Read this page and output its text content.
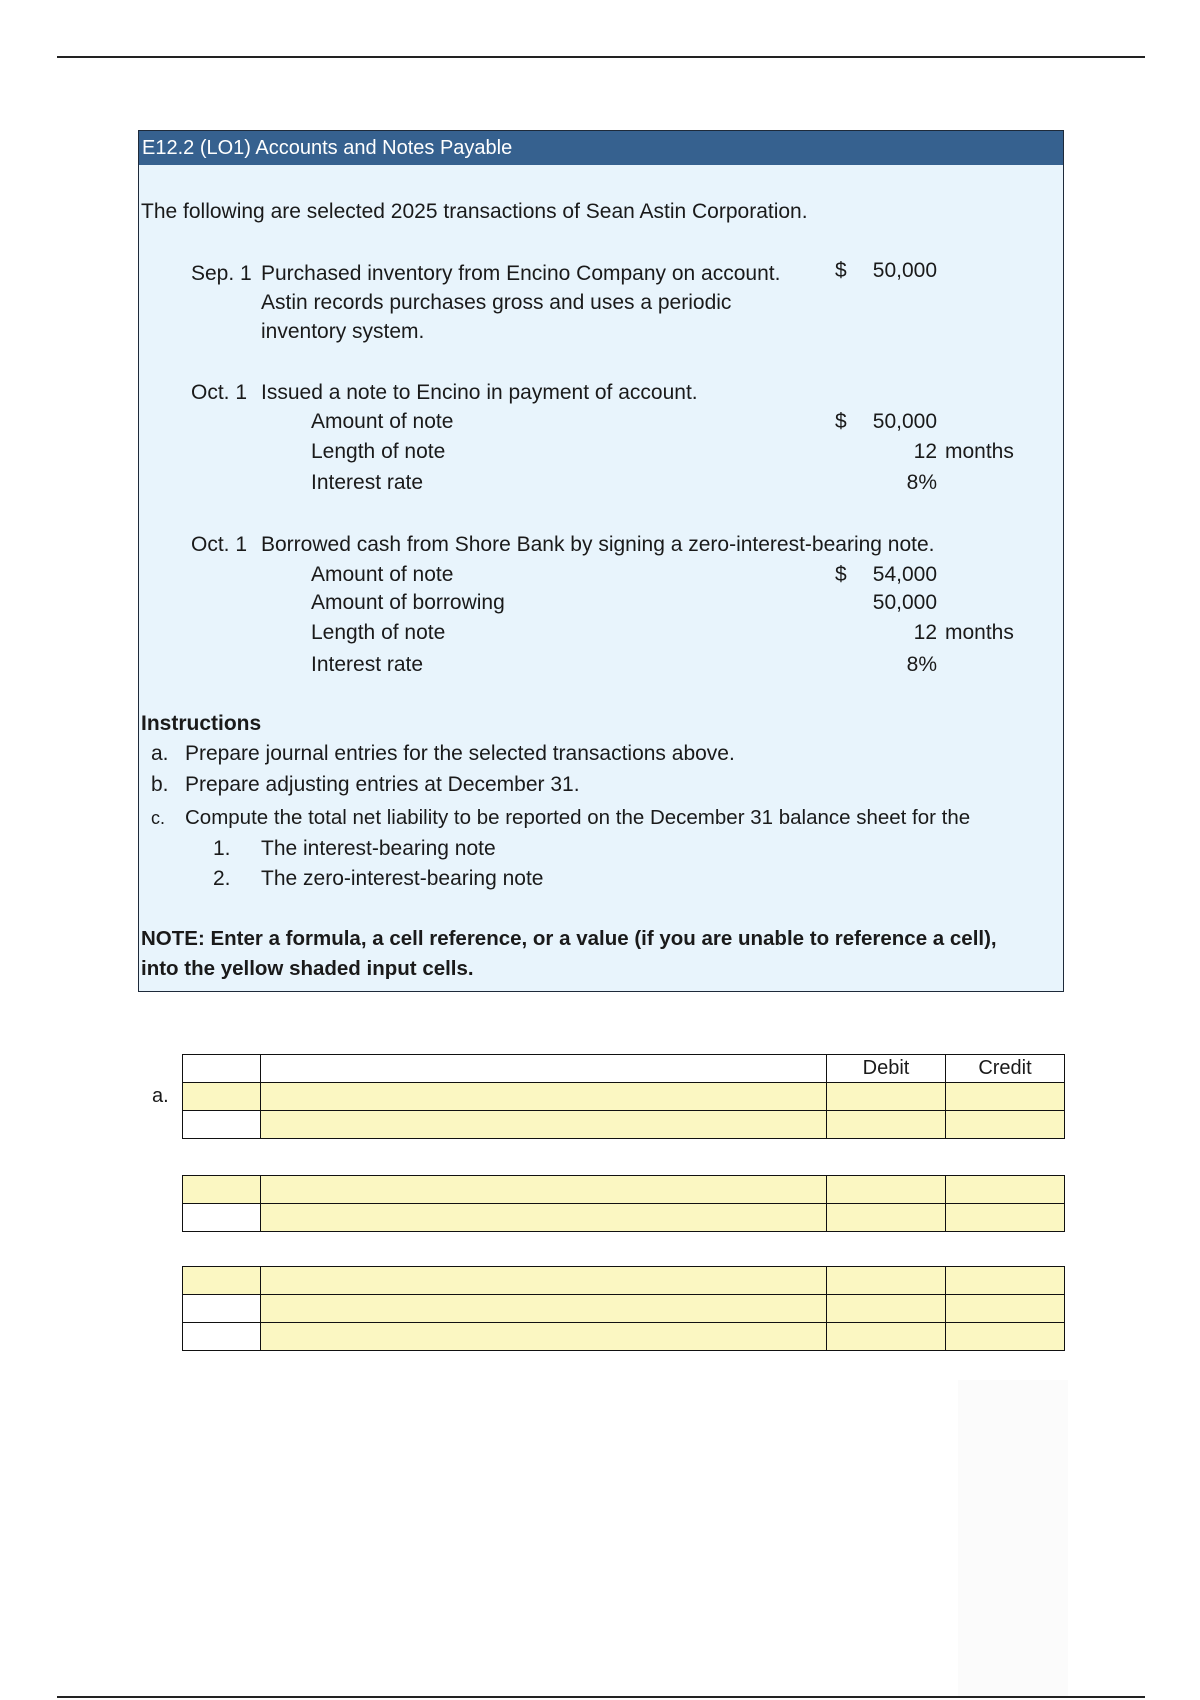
E12.2 (LO1) Accounts and Notes Payable
The following are selected 2025 transactions of Sean Astin Corporation.
Sep. 1 Purchased inventory from Encino Company on account.
Astin records purchases gross and uses a periodic
inventory system.
$	50,000
Oct. 1 Issued a note to Encino in payment of account.
Amount of note	$	50,000
Length of note	12 months
Interest rate	8%
Oct. 1 Borrowed cash from Shore Bank by signing a zero-interest-bearing note.
Amount of note	$	54,000
Amount of borrowing	50,000
Length of note	12 months
Interest rate	8%
Instructions
a. Prepare journal entries for the selected transactions above.
b. Prepare adjusting entries at December 31.
c. Compute the total net liability to be reported on the December 31 balance sheet for the
1. The interest-bearing note
2. The zero-interest-bearing note
NOTE: Enter a formula, a cell reference, or a value (if you are unable to reference a cell),
into the yellow shaded input cells.
a.
		Debit	Credit
